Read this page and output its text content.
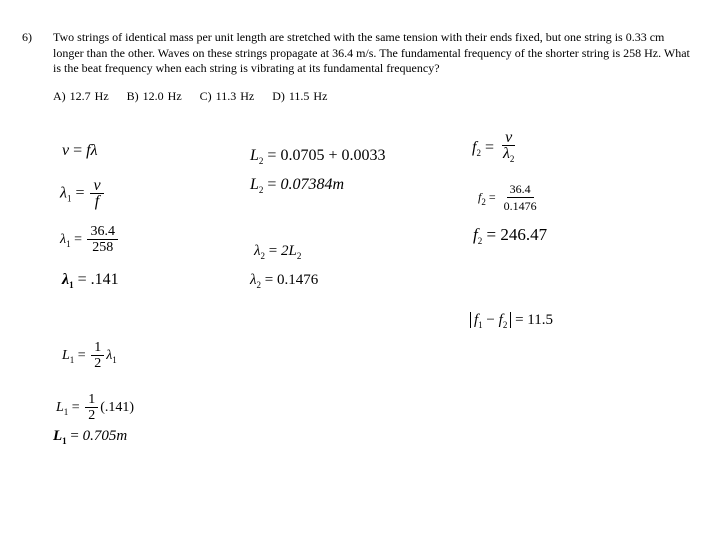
6) Two strings of identical mass per unit length are stretched with the same tension with their ends fixed, but one string is 0.33 cm longer than the other. Waves on these strings propagate at 36.4 m/s. The fundamental frequency of the shorter string is 258 Hz. What is the beat frequency when each string is vibrating at its fundamental frequency?
A) 12.7 Hz B) 12.0 Hz C) 11.3 Hz D) 11.5 Hz
v = fλ
$\lambda_1 = \frac{v}{f}$
$\lambda_1 = \frac{36.4}{258}$
$\lambda_1 = .141$
$L_1 = \frac{1}{2} \lambda_1$
$L_1 = \frac{1}{2} (.141)$
$L_1 = 0.705m$
$L_2 = 0.0705 + 0.0033$
$L_2 = 0.07384m$
$\lambda_2 = 2L_2$
$\lambda_2 = 0.1476$
$f_2 = \frac{v}{\lambda_2}$
$f_2 = \frac{36.4}{0.1476}$
$f_2 = 246.47$
$f_1 - f_2 = 11.5$
